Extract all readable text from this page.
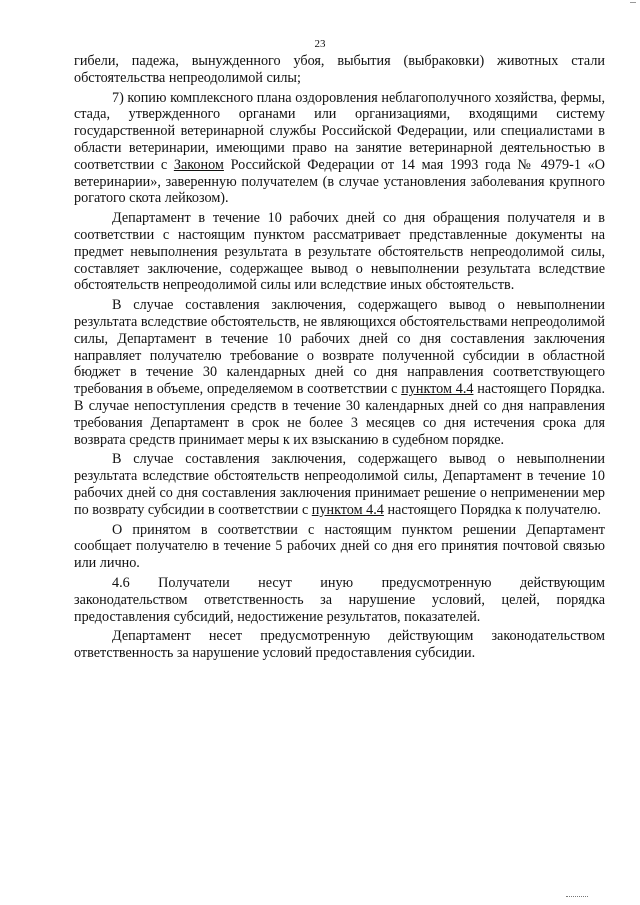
23

гибели, падежа, вынужденного убоя, выбытия (выбраковки) животных стали обстоятельства непреодолимой силы;

7) копию комплексного плана оздоровления неблагополучного хозяйства, фермы, стада, утвержденного органами или организациями, входящими систему государственной ветеринарной службы Российской Федерации, или специалистами в области ветеринарии, имеющими право на занятие ветеринарной деятельностью в соответствии с Законом Российской Федерации от 14 мая 1993 года № 4979-1 «О ветеринарии», заверенную получателем (в случае установления заболевания крупного рогатого скота лейкозом).

Департамент в течение 10 рабочих дней со дня обращения получателя и в соответствии с настоящим пунктом рассматривает представленные документы на предмет невыполнения результата в результате обстоятельств непреодолимой силы, составляет заключение, содержащее вывод о невыполнении результата вследствие обстоятельств непреодолимой силы или вследствие иных обстоятельств.

В случае составления заключения, содержащего вывод о невыполнении результата вследствие обстоятельств, не являющихся обстоятельствами непреодолимой силы, Департамент в течение 10 рабочих дней со дня составления заключения направляет получателю требование о возврате полученной субсидии в областной бюджет в течение 30 календарных дней со дня направления соответствующего требования в объеме, определяемом в соответствии с пунктом 4.4 настоящего Порядка. В случае непоступления средств в течение 30 календарных дней со дня направления требования Департамент в срок не более 3 месяцев со дня истечения срока для возврата средств принимает меры к их взысканию в судебном порядке.

В случае составления заключения, содержащего вывод о невыполнении результата вследствие обстоятельств непреодолимой силы, Департамент в течение 10 рабочих дней со дня составления заключения принимает решение о неприменении мер по возврату субсидии в соответствии с пунктом 4.4 настоящего Порядка к получателю.

О принятом в соответствии с настоящим пунктом решении Департамент сообщает получателю в течение 5 рабочих дней со дня его принятия почтовой связью или лично.

4.6 Получатели несут иную предусмотренную действующим
законодательством ответственность за нарушение условий, целей, порядка предоставления субсидий, недостижение результатов, показателей.

Департамент несет предусмотренную действующим законодательством ответственность за нарушение условий предоставления субсидии.
